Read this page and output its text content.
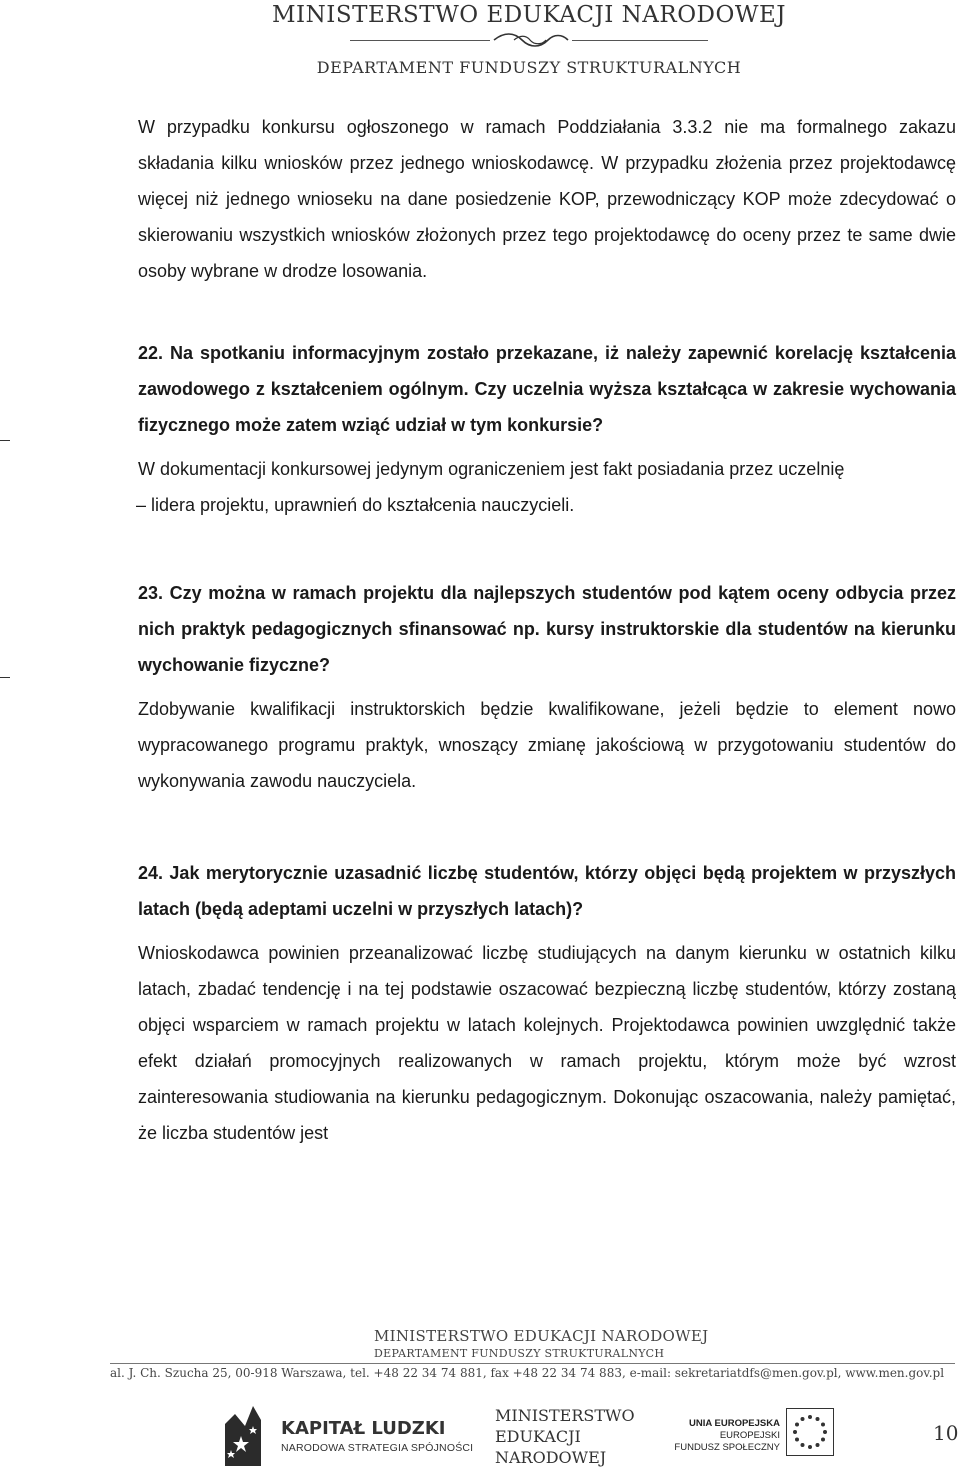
MINISTERSTWO EDUKACJI NARODOWEJ
DEPARTAMENT FUNDUSZY STRUKTURALNYCH

W przypadku konkursu ogłoszonego w ramach Poddziałania 3.3.2 nie ma formalnego zakazu składania kilku wniosków przez jednego wnioskodawcę. W przypadku złożenia przez projektodawcę więcej niż jednego wnioseku na dane posiedzenie KOP, przewodniczący KOP może zdecydować o skierowaniu wszystkich wniosków złożonych przez tego projektodawcę do oceny przez te same dwie osoby wybrane w drodze losowania.

22. Na spotkaniu informacyjnym zostało przekazane, iż należy zapewnić korelację kształcenia zawodowego z kształceniem ogólnym. Czy uczelnia wyższa kształcąca w zakresie wychowania fizycznego może zatem wziąć udział w tym konkursie?

W dokumentacji konkursowej jedynym ograniczeniem jest fakt posiadania przez uczelnię

– lidera projektu, uprawnień do kształcenia nauczycieli.

23. Czy można w ramach projektu dla najlepszych studentów pod kątem oceny odbycia przez nich praktyk pedagogicznych sfinansować np. kursy instruktorskie dla studentów na kierunku wychowanie fizyczne?

Zdobywanie kwalifikacji instruktorskich będzie kwalifikowane, jeżeli będzie to element nowo wypracowanego programu praktyk, wnoszący zmianę jakościową w przygotowaniu studentów do wykonywania zawodu nauczyciela.

24. Jak merytorycznie uzasadnić liczbę studentów, którzy objęci będą projektem w przyszłych latach (będą adeptami uczelni w przyszłych latach)?

Wnioskodawca powinien przeanalizować liczbę studiujących na danym kierunku w ostatnich kilku latach, zbadać tendencję i na tej podstawie oszacować bezpieczną liczbę studentów, którzy zostaną objęci wsparciem w ramach projektu w latach kolejnych. Projektodawca powinien uwzględnić także efekt działań promocyjnych realizowanych w ramach projektu, którym może być wzrost zainteresowania studiowania na kierunku pedagogicznym. Dokonując oszacowania, należy pamiętać, że liczba studentów jest

MINISTERSTWO EDUKACJI NARODOWEJ
DEPARTAMENT FUNDUSZY STRUKTURALNYCH
al. J. Ch. Szucha 25, 00-918 Warszawa, tel. +48 22 34 74 881, fax +48 22 34 74 883, e-mail: sekretariatdfs@men.gov.pl, www.men.gov.pl
KAPITAŁ LUDZKI
NARODOWA STRATEGIA SPÓJNOŚCI
MINISTERSTWO
EDUKACJI
NARODOWEJ
UNIA EUROPEJSKA
EUROPEJSKI
FUNDUSZ SPOŁECZNY
10
